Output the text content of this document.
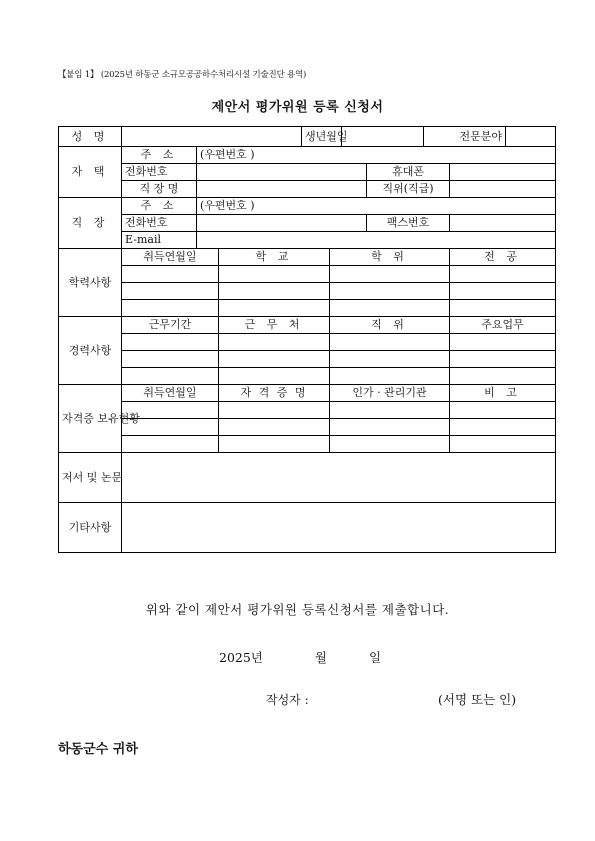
【붙임 1】 (2025년 하동군 소규모공공하수처리시설 기술진단 용역)
제안서 평가위원 등록 신청서
성 명				생년월일				전문분야		
자 택	주 소	(우편번호 )								
	전화번호						휴대폰			
	직 장 명						직위(직급)			
직 장	주 소	(우편번호 )								
	전화번호						팩스번호			
	E-mail									
학력사항	취득연월일		학 교		학 위				전 공	

경력사항	근무기간		근 무 처		직 위				주요업무	

자격증 보유현황	취득연월일		자 격 증 명		인가 · 관리기관				비 고	

저서 및 논문										
기타사항										
위와 같이 제안서 평가위원 등록신청서를 제출합니다.
2025년	월	일
작성자 :	(서명 또는 인)
하동군수 귀하
